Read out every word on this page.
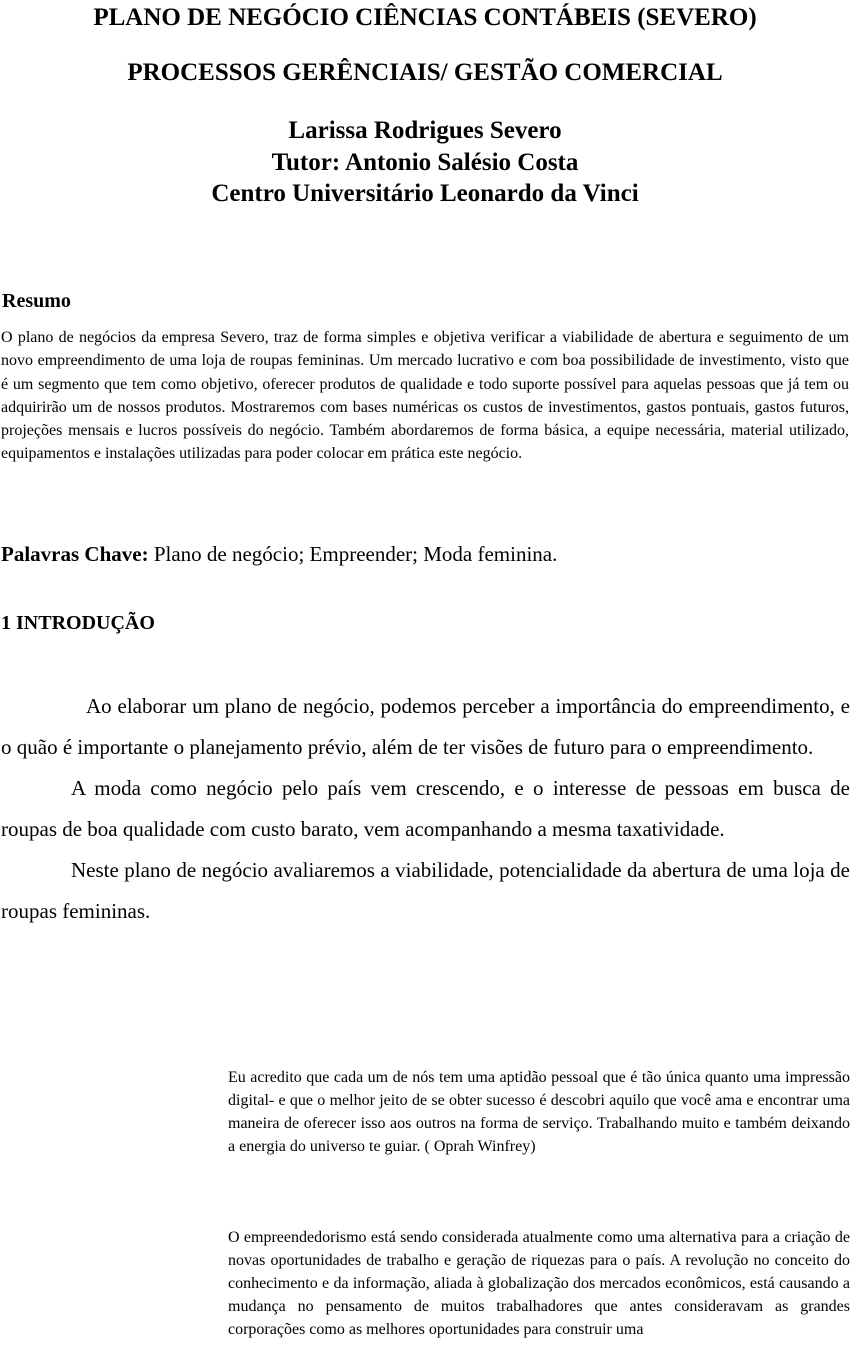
PLANO DE NEGÓCIO CIÊNCIAS CONTÁBEIS (SEVERO)
PROCESSOS GERÊNCIAIS/ GESTÃO COMERCIAL
Larissa Rodrigues Severo
Tutor: Antonio Salésio Costa
Centro Universitário Leonardo da Vinci
Resumo

O plano de negócios da empresa Severo, traz de forma simples e objetiva verificar a viabilidade de abertura e seguimento de um novo empreendimento de uma loja de roupas femininas. Um mercado lucrativo e com boa possibilidade de investimento, visto que é um segmento que tem como objetivo, oferecer produtos de qualidade e todo suporte possível para aquelas pessoas que já tem ou adquirirão um de nossos produtos. Mostraremos com bases numéricas os custos de investimentos, gastos pontuais, gastos futuros, projeções mensais e lucros possíveis do negócio. Também abordaremos de forma básica, a equipe necessária, material utilizado, equipamentos e instalações utilizadas para poder colocar em prática este negócio.

Palavras Chave: Plano de negócio; Empreender; Moda feminina.
1 INTRODUÇÃO

Ao elaborar um plano de negócio, podemos perceber a importância do empreendimento, e o quão é importante o planejamento prévio, além de ter visões de futuro para o empreendimento.

A moda como negócio pelo país vem crescendo, e o interesse de pessoas em busca de roupas de boa qualidade com custo barato, vem acompanhando a mesma taxatividade.

Neste plano de negócio avaliaremos a viabilidade, potencialidade da abertura de uma loja de roupas femininas.

Eu acredito que cada um de nós tem uma aptidão pessoal que é tão única quanto uma impressão digital- e que o melhor jeito de se obter sucesso é descobri aquilo que você ama e encontrar uma maneira de oferecer isso aos outros na forma de serviço. Trabalhando muito e também deixando a energia do universo te guiar. ( Oprah Winfrey)

O empreendedorismo está sendo considerada atualmente como uma alternativa para a criação de novas oportunidades de trabalho e geração de riquezas para o país. A revolução no conceito do conhecimento e da informação, aliada à globalização dos mercados econômicos, está causando a mudança no pensamento de muitos trabalhadores que antes consideravam as grandes corporações como as melhores oportunidades para construir uma
